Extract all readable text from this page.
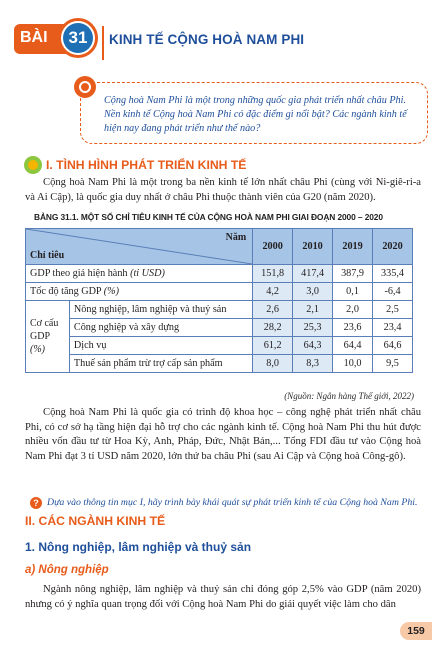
BÀI	31	KINH TẾ CỘNG HOÀ NAM PHI
Cộng hoà Nam Phi là một trong những quốc gia phát triển nhất châu Phi. Nền kinh tế Cộng hoà Nam Phi có đặc điểm gì nổi bật? Các ngành kinh tế hiện nay đang phát triển như thế nào?
I. TÌNH HÌNH PHÁT TRIỂN KINH TẾ
Cộng hoà Nam Phi là một trong ba nền kinh tế lớn nhất châu Phi (cùng với Ni-giê-ri-a và Ai Cập), là quốc gia duy nhất ở châu Phi thuộc thành viên của G20 (năm 2020).
BẢNG 31.1. MỘT SỐ CHỈ TIÊU KINH TẾ CỦA CỘNG HOÀ NAM PHI GIAI ĐOẠN 2000 – 2020
Năm
Chỉ tiêu		2000	2010	2019	2020
GDP theo giá hiện hành (tỉ USD)		151,8	417,4	387,9	335,4
Tốc độ tăng GDP (%)		4,2	3,0	0,1	-6,4

Cơ cấu
GDP
(%)	Nông nghiệp, lâm nghiệp và thuỷ sản	2,6	2,1	2,0	2,5
	Công nghiệp và xây dựng	28,2	25,3	23,6	23,4
	Dịch vụ	61,2	64,3	64,4	64,6
	Thuế sản phẩm trừ trợ cấp sản phẩm	8,0	8,3	10,0	9,5
(Nguồn: Ngân hàng Thế giới, 2022)
Cộng hoà Nam Phi là quốc gia có trình độ khoa học – công nghệ phát triển nhất châu Phi, có cơ sở hạ tầng hiện đại hỗ trợ cho các ngành kinh tế. Cộng hoà Nam Phi thu hút được nhiều vốn đầu tư từ Hoa Kỳ, Anh, Pháp, Đức, Nhật Bản,... Tổng FDI đầu tư vào Cộng hoà Nam Phi đạt 3 tỉ USD năm 2020, lớn thứ ba châu Phi (sau Ai Cập và Cộng hoà Công-gô).
? Dựa vào thông tin mục I, hãy trình bày khái quát sự phát triển kinh tế của Cộng hoà Nam Phi.
II. CÁC NGÀNH KINH TẾ
1. Nông nghiệp, lâm nghiệp và thuỷ sản
a) Nông nghiệp
Ngành nông nghiệp, lâm nghiệp và thuỷ sản chỉ đóng góp 2,5% vào GDP (năm 2020) nhưng có ý nghĩa quan trọng đối với Cộng hoà Nam Phi do giải quyết việc làm cho dân
159
